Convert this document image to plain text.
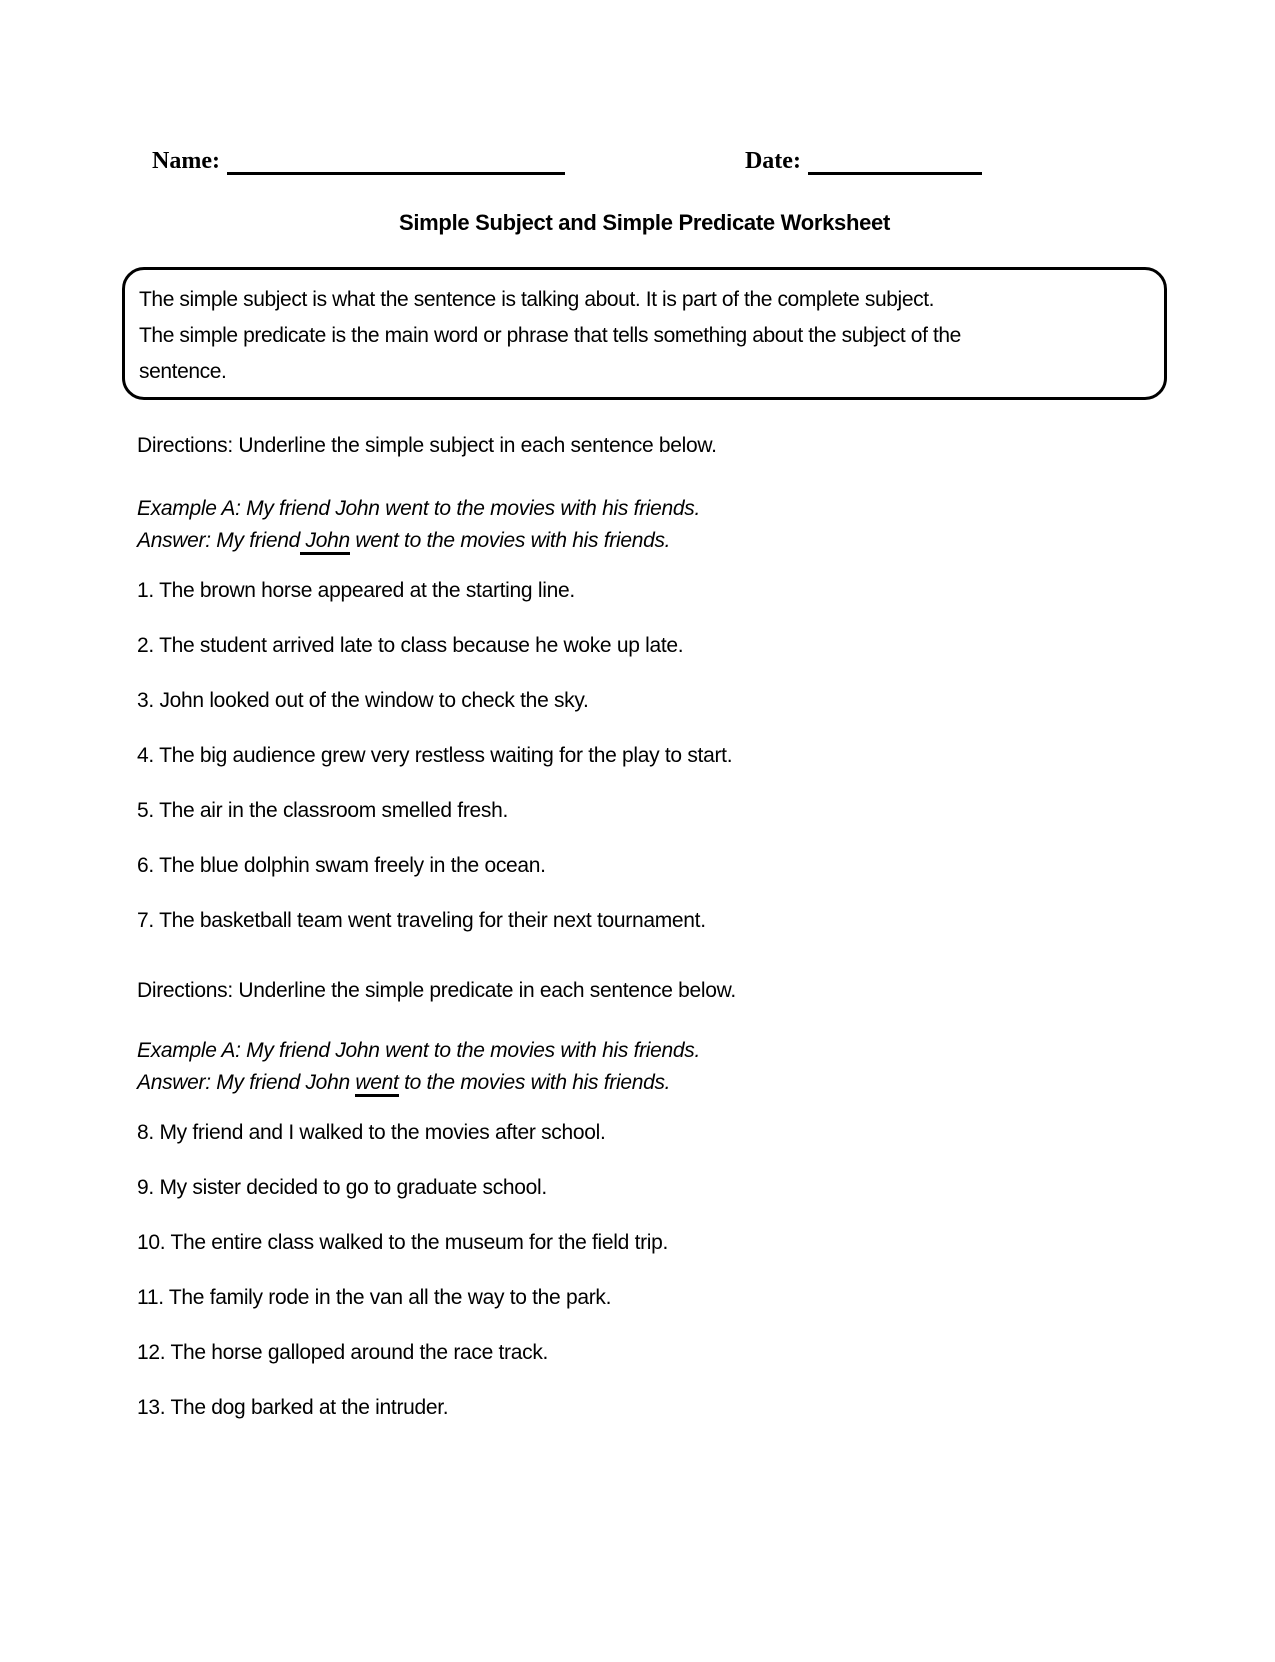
Name:	Date:
Simple Subject and Simple Predicate Worksheet
The simple subject is what the sentence is talking about. It is part of the complete subject.
The simple predicate is the main word or phrase that tells something about the subject of the
sentence.

Directions: Underline the simple subject in each sentence below.

Example A: My friend John went to the movies with his friends.

Answer: My friend John went to the movies with his friends.

1. The brown horse appeared at the starting line.

2. The student arrived late to class because he woke up late.

3. John looked out of the window to check the sky.

4. The big audience grew very restless waiting for the play to start.

5. The air in the classroom smelled fresh.

6. The blue dolphin swam freely in the ocean.

7. The basketball team went traveling for their next tournament.

Directions: Underline the simple predicate in each sentence below.

Example A: My friend John went to the movies with his friends.

Answer: My friend John went to the movies with his friends.

8. My friend and I walked to the movies after school.

9. My sister decided to go to graduate school.

10. The entire class walked to the museum for the field trip.

11. The family rode in the van all the way to the park.

12. The horse galloped around the race track.

13. The dog barked at the intruder.
